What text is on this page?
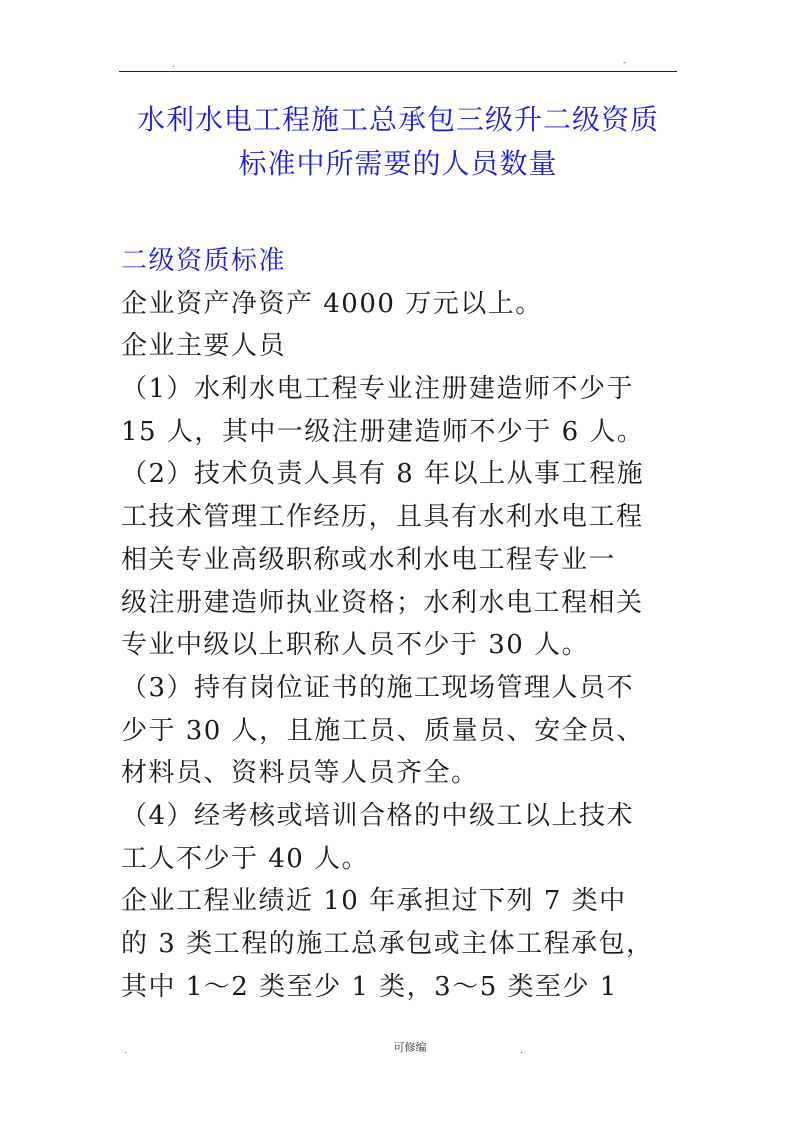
.	-
水利水电工程施工总承包三级升二级资质
标准中所需要的人员数量
二级资质标准
企业资产净资产 4000 万元以上。
企业主要人员
（1）水利水电工程专业注册建造师不少于
15 人，其中一级注册建造师不少于 6 人。
（2）技术负责人具有 8 年以上从事工程施
工技术管理工作经历，且具有水利水电工程
相关专业高级职称或水利水电工程专业一
级注册建造师执业资格；水利水电工程相关
专业中级以上职称人员不少于 30 人。
（3）持有岗位证书的施工现场管理人员不
少于 30 人，且施工员、质量员、安全员、
材料员、资料员等人员齐全。
（4）经考核或培训合格的中级工以上技术
工人不少于 40 人。
企业工程业绩近 10 年承担过下列 7 类中
的 3 类工程的施工总承包或主体工程承包，
其中 1～2 类至少 1 类，3～5 类至少 1
.	可修编	.
